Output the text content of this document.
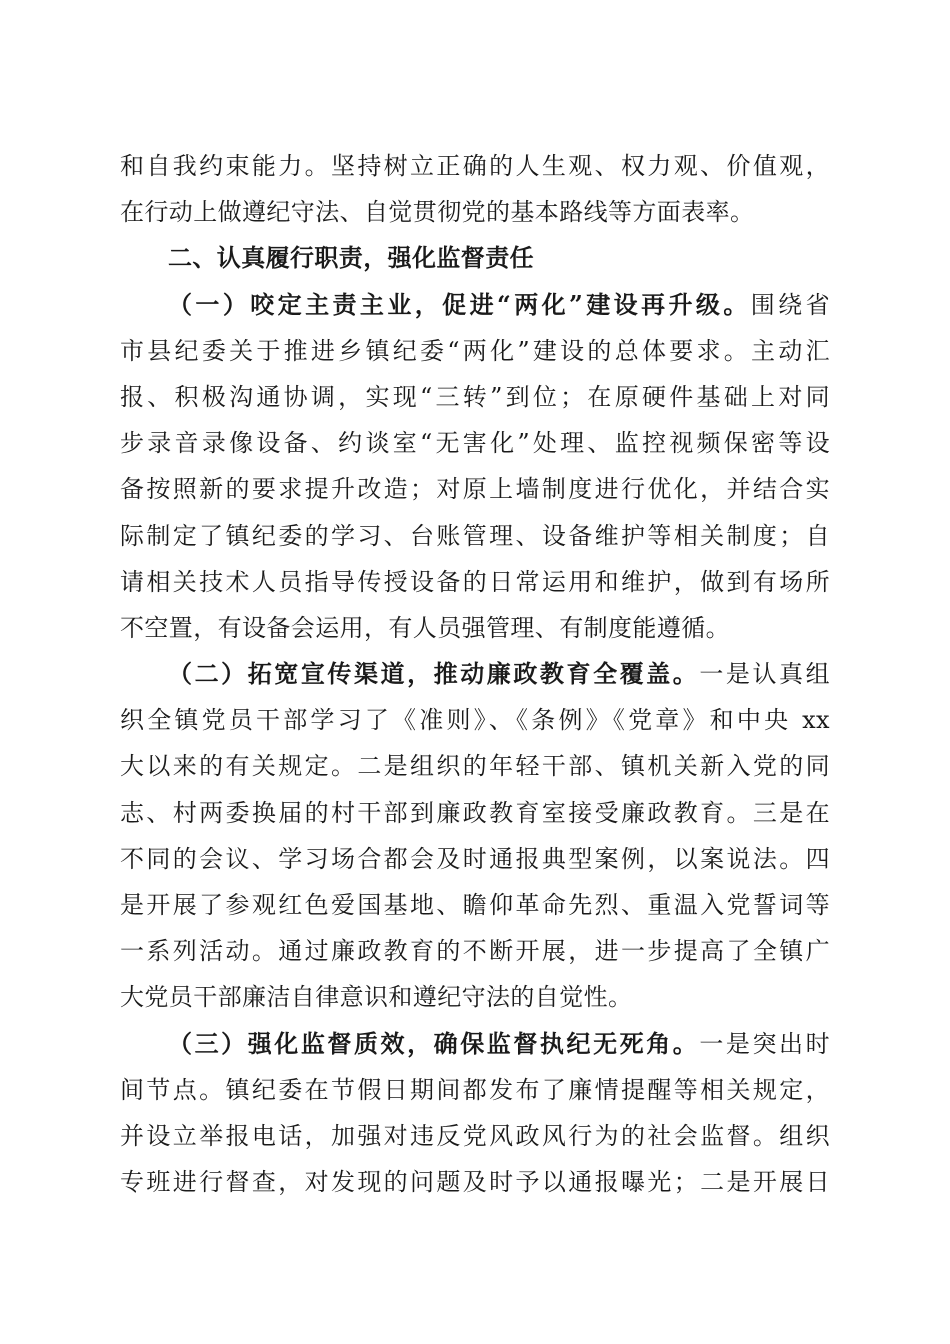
和自我约束能力。坚持树立正确的人生观、权力观、价值观，
在行动上做遵纪守法、自觉贯彻党的基本路线等方面表率。
二、认真履行职责，强化监督责任
（一）咬定主责主业，促进“两化”建设再升级。围绕省
市县纪委关于推进乡镇纪委“两化”建设的总体要求。主动汇
报、积极沟通协调，实现“三转”到位；在原硬件基础上对同
步录音录像设备、约谈室“无害化”处理、监控视频保密等设
备按照新的要求提升改造；对原上墙制度进行优化，并结合实
际制定了镇纪委的学习、台账管理、设备维护等相关制度；自
请相关技术人员指导传授设备的日常运用和维护，做到有场所
不空置，有设备会运用，有人员强管理、有制度能遵循。
（二）拓宽宣传渠道，推动廉政教育全覆盖。一是认真组
织全镇党员干部学习了《准则》、《条例》《党章》和中央 xx
大以来的有关规定。二是组织的年轻干部、镇机关新入党的同
志、村两委换届的村干部到廉政教育室接受廉政教育。三是在
不同的会议、学习场合都会及时通报典型案例，以案说法。四
是开展了参观红色爱国基地、瞻仰革命先烈、重温入党誓词等
一系列活动。通过廉政教育的不断开展，进一步提高了全镇广
大党员干部廉洁自律意识和遵纪守法的自觉性。
（三）强化监督质效，确保监督执纪无死角。一是突出时
间节点。镇纪委在节假日期间都发布了廉情提醒等相关规定，
并设立举报电话，加强对违反党风政风行为的社会监督。组织
专班进行督查，对发现的问题及时予以通报曝光；二是开展日
